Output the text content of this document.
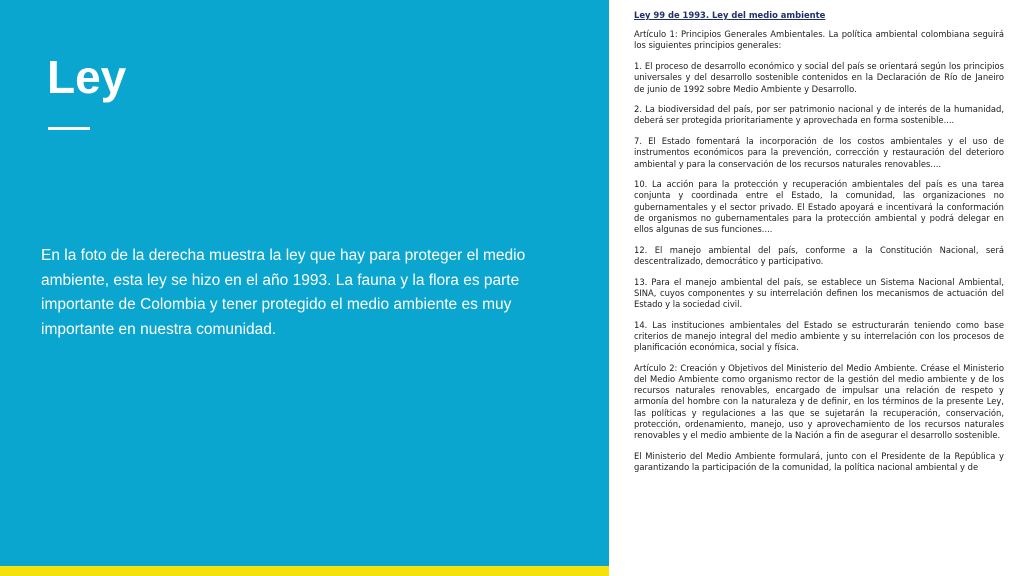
Ley

En la foto de la derecha muestra la ley que hay para proteger el medio ambiente, esta ley se hizo en el año 1993. La fauna y la flora es parte importante de Colombia y tener protegido el medio ambiente es muy importante en nuestra comunidad.

Ley 99 de 1993. Ley del medio ambiente

Artículo 1: Principios Generales Ambientales. La política ambiental colombiana seguirá los siguientes principios generales:

1. El proceso de desarrollo económico y social del país se orientará según los principios universales y del desarrollo sostenible contenidos en la Declaración de Río de Janeiro de junio de 1992 sobre Medio Ambiente y Desarrollo.

2. La biodiversidad del país, por ser patrimonio nacional y de interés de la humanidad, deberá ser protegida prioritariamente y aprovechada en forma sostenible....

7. El Estado fomentará la incorporación de los costos ambientales y el uso de instrumentos económicos para la prevención, corrección y restauración del deterioro ambiental y para la conservación de los recursos naturales renovables....

10. La acción para la protección y recuperación ambientales del país es una tarea conjunta y coordinada entre el Estado, la comunidad, las organizaciones no gubernamentales y el sector privado. El Estado apoyará e incentivará la conformación de organismos no gubernamentales para la protección ambiental y podrá delegar en ellos algunas de sus funciones....

12. El manejo ambiental del país, conforme a la Constitución Nacional, será descentralizado, democrático y participativo.

13. Para el manejo ambiental del país, se establece un Sistema Nacional Ambiental, SINA, cuyos componentes y su interrelación definen los mecanismos de actuación del Estado y la sociedad civil.

14. Las instituciones ambientales del Estado se estructurarán teniendo como base criterios de manejo integral del medio ambiente y su interrelación con los procesos de planificación económica, social y física.

Artículo 2: Creación y Objetivos del Ministerio del Medio Ambiente. Créase el Ministerio del Medio Ambiente como organismo rector de la gestión del medio ambiente y de los recursos naturales renovables, encargado de impulsar una relación de respeto y armonía del hombre con la naturaleza y de definir, en los términos de la presente Ley, las políticas y regulaciones a las que se sujetarán la recuperación, conservación, protección, ordenamiento, manejo, uso y aprovechamiento de los recursos naturales renovables y el medio ambiente de la Nación a fin de asegurar el desarrollo sostenible.

El Ministerio del Medio Ambiente formulará, junto con el Presidente de la República y garantizando la participación de la comunidad, la política nacional ambiental y de
